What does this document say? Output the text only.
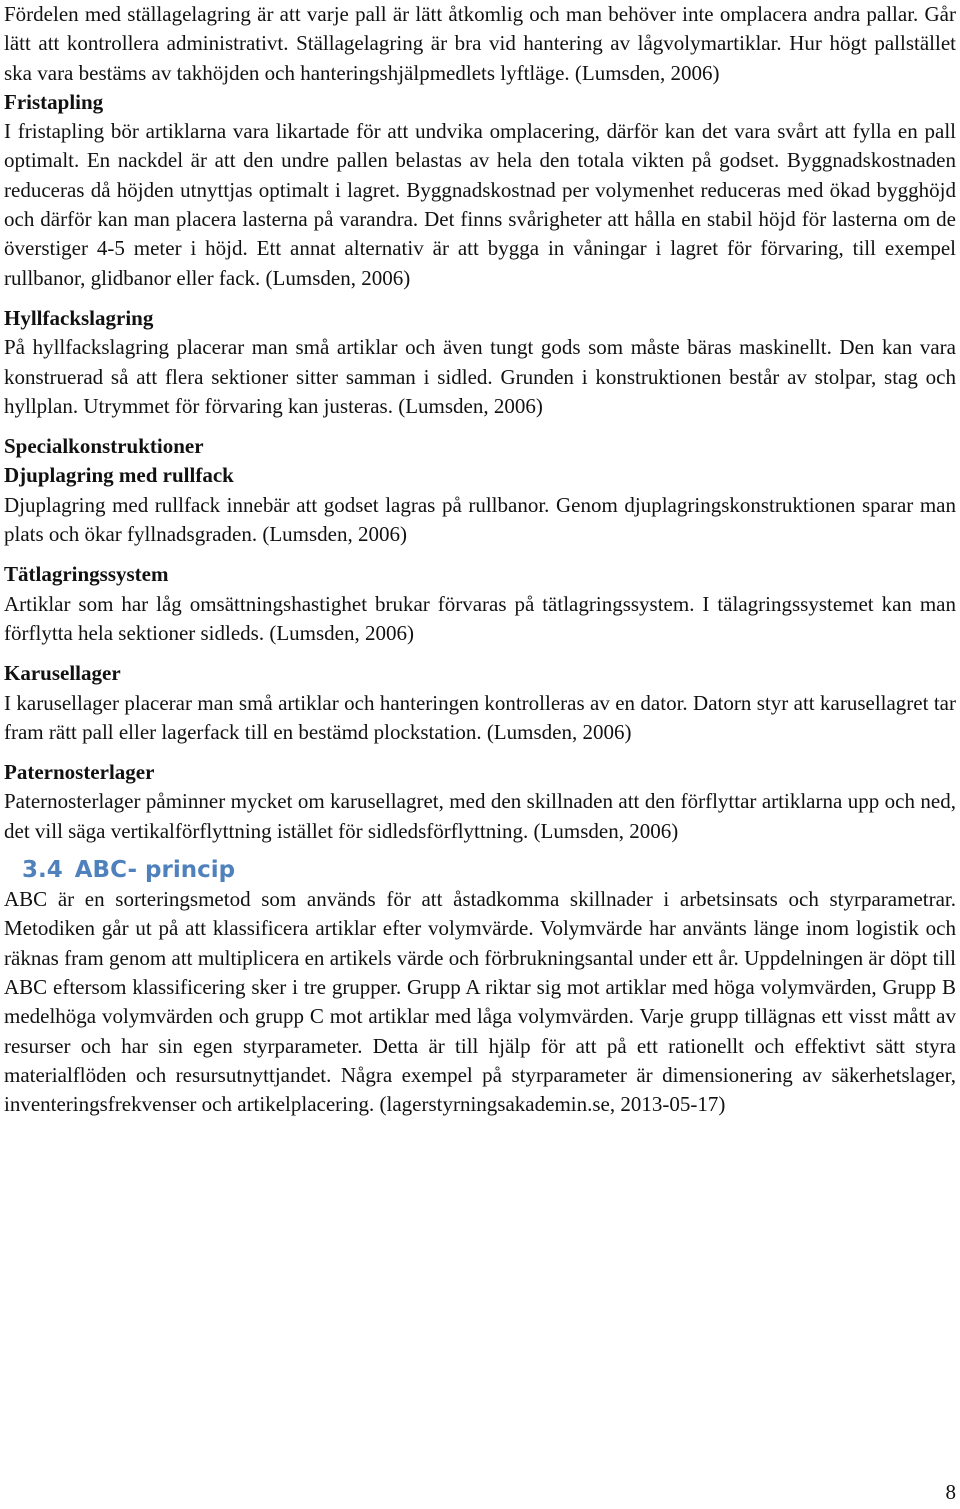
Fördelen med ställagelagring är att varje pall är lätt åtkomlig och man behöver inte omplacera andra pallar. Går lätt att kontrollera administrativt. Ställagelagring är bra vid hantering av lågvolymartiklar. Hur högt pallstället ska vara bestäms av takhöjden och hanteringshjälpmedlets lyftläge. (Lumsden, 2006)

Fristapling

I fristapling bör artiklarna vara likartade för att undvika omplacering, därför kan det vara svårt att fylla en pall optimalt. En nackdel är att den undre pallen belastas av hela den totala vikten på godset. Byggnadskostnaden reduceras då höjden utnyttjas optimalt i lagret. Byggnadskostnad per volymenhet reduceras med ökad bygghöjd och därför kan man placera lasterna på varandra. Det finns svårigheter att hålla en stabil höjd för lasterna om de överstiger 4-5 meter i höjd. Ett annat alternativ är att bygga in våningar i lagret för förvaring, till exempel rullbanor, glidbanor eller fack. (Lumsden, 2006)

Hyllfackslagring

På hyllfackslagring placerar man små artiklar och även tungt gods som måste bäras maskinellt. Den kan vara konstruerad så att flera sektioner sitter samman i sidled. Grunden i konstruktionen består av stolpar, stag och hyllplan. Utrymmet för förvaring kan justeras. (Lumsden, 2006)

Specialkonstruktioner
Djuplagring med rullfack

Djuplagring med rullfack innebär att godset lagras på rullbanor. Genom djuplagringskonstruktionen sparar man plats och ökar fyllnadsgraden. (Lumsden, 2006)

Tätlagringssystem

Artiklar som har låg omsättningshastighet brukar förvaras på tätlagringssystem. I tälagringssystemet kan man förflytta hela sektioner sidleds. (Lumsden, 2006)

Karusellager

I karusellager placerar man små artiklar och hanteringen kontrolleras av en dator. Datorn styr att karusellagret tar fram rätt pall eller lagerfack till en bestämd plockstation. (Lumsden, 2006)

Paternosterlager

Paternosterlager påminner mycket om karusellagret, med den skillnaden att den förflyttar artiklarna upp och ned, det vill säga vertikalförflyttning istället för sidledsförflyttning. (Lumsden, 2006)

3.4 ABC- princip

ABC är en sorteringsmetod som används för att åstadkomma skillnader i arbetsinsats och styrparametrar. Metodiken går ut på att klassificera artiklar efter volymvärde. Volymvärde har använts länge inom logistik och räknas fram genom att multiplicera en artikels värde och förbrukningsantal under ett år. Uppdelningen är döpt till ABC eftersom klassificering sker i tre grupper. Grupp A riktar sig mot artiklar med höga volymvärden, Grupp B medelhöga volymvärden och grupp C mot artiklar med låga volymvärden. Varje grupp tillägnas ett visst mått av resurser och har sin egen styrparameter. Detta är till hjälp för att på ett rationellt och effektivt sätt styra materialflöden och resursutnyttjandet. Några exempel på styrparameter är dimensionering av säkerhetslager, inventeringsfrekvenser och artikelplacering. (lagerstyrningsakademin.se, 2013-05-17)

8
